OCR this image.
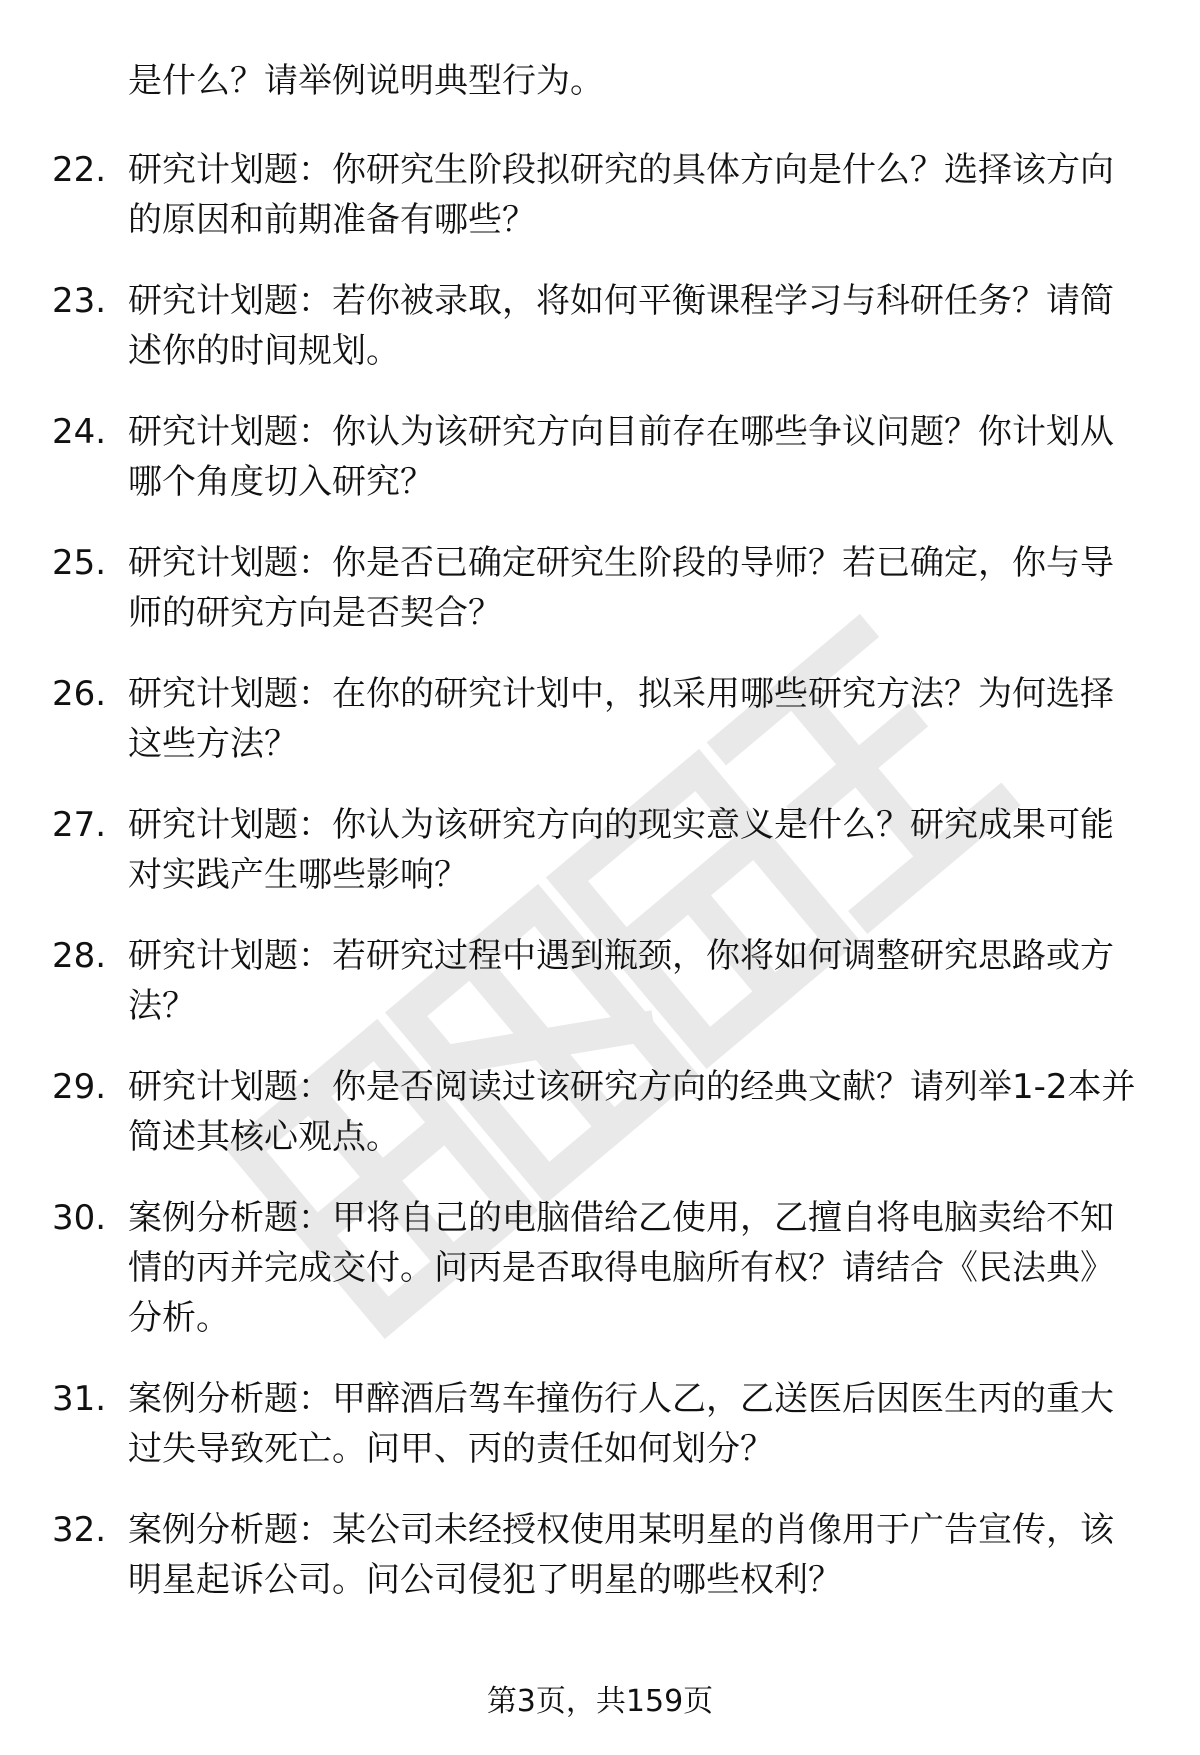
是什么？请举例说明典型行为。
22. 研究计划题：你研究生阶段拟研究的具体方向是什么？选择该方向的原因和前期准备有哪些？
23. 研究计划题：若你被录取，将如何平衡课程学习与科研任务？请简述你的时间规划。
24. 研究计划题：你认为该研究方向目前存在哪些争议问题？你计划从哪个角度切入研究？
25. 研究计划题：你是否已确定研究生阶段的导师？若已确定，你与导师的研究方向是否契合？
26. 研究计划题：在你的研究计划中，拟采用哪些研究方法？为何选择这些方法？
27. 研究计划题：你认为该研究方向的现实意义是什么？研究成果可能对实践产生哪些影响？
28. 研究计划题：若研究过程中遇到瓶颈，你将如何调整研究思路或方法？
29. 研究计划题：你是否阅读过该研究方向的经典文献？请列举1-2本并简述其核心观点。
30. 案例分析题：甲将自己的电脑借给乙使用，乙擅自将电脑卖给不知情的丙并完成交付。问丙是否取得电脑所有权？请结合《民法典》分析。
31. 案例分析题：甲醉酒后驾车撞伤行人乙，乙送医后因医生丙的重大过失导致死亡。问甲、丙的责任如何划分？
32. 案例分析题：某公司未经授权使用某明星的肖像用于广告宣传，该明星起诉公司。问公司侵犯了明星的哪些权利？
第3页，共159页
